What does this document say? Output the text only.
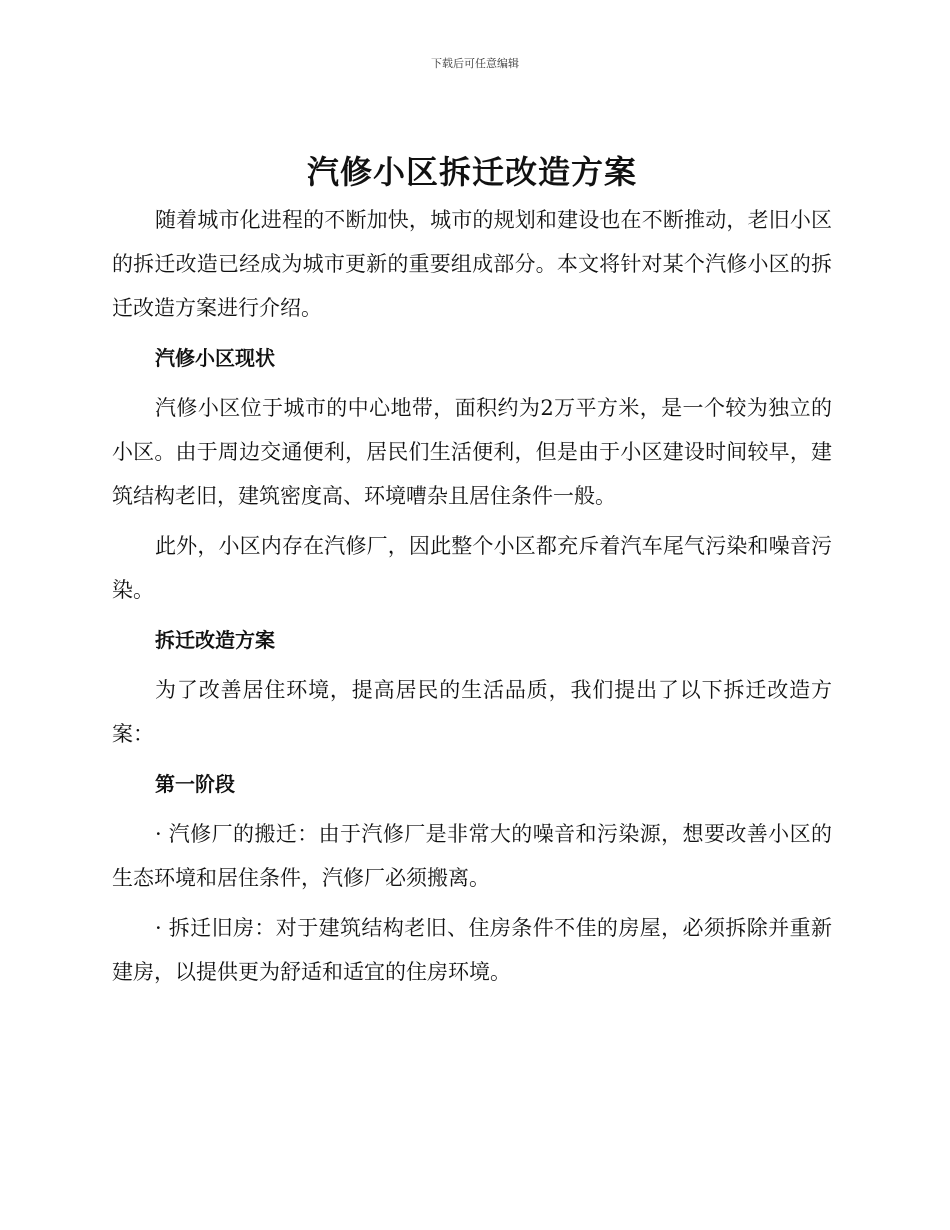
下载后可任意编辑
汽修小区拆迁改造方案

随着城市化进程的不断加快，城市的规划和建设也在不断推动，老旧小区的拆迁改造已经成为城市更新的重要组成部分。本文将针对某个汽修小区的拆迁改造方案进行介绍。

汽修小区现状

汽修小区位于城市的中心地带，面积约为2万平方米，是一个较为独立的小区。由于周边交通便利，居民们生活便利，但是由于小区建设时间较早，建筑结构老旧，建筑密度高、环境嘈杂且居住条件一般。

此外，小区内存在汽修厂，因此整个小区都充斥着汽车尾气污染和噪音污染。

拆迁改造方案

为了改善居住环境，提高居民的生活品质，我们提出了以下拆迁改造方案：

第一阶段

· 汽修厂的搬迁：由于汽修厂是非常大的噪音和污染源，想要改善小区的生态环境和居住条件，汽修厂必须搬离。

· 拆迁旧房：对于建筑结构老旧、住房条件不佳的房屋，必须拆除并重新建房，以提供更为舒适和适宜的住房环境。
